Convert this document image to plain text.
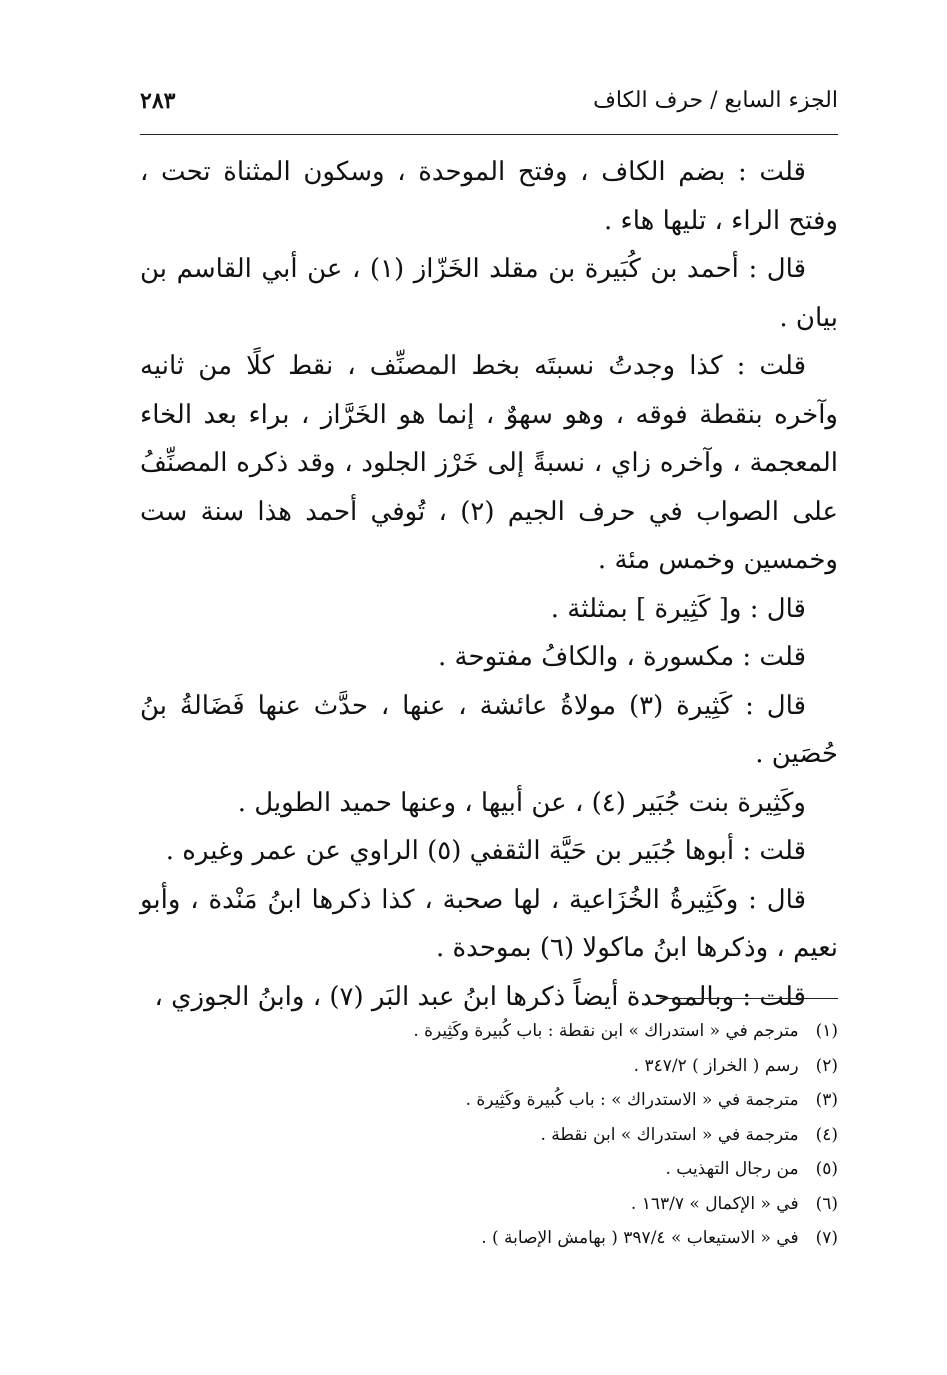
الجزء السابع / حرف الكاف
٢٨٣

قلت : بضم الكاف ، وفتح الموحدة ، وسكون المثناة تحت ، وفتح الراء ، تليها هاء .

قال : أحمد بن كُبَيرة بن مقلد الخَزّاز (١) ، عن أبي القاسم بن بيان .

قلت : كذا وجدتُ نسبتَه بخط المصنِّف ، نقط كلًا من ثانيه وآخره بنقطة فوقه ، وهو سهوٌ ، إنما هو الخَرَّاز ، براء بعد الخاء المعجمة ، وآخره زاي ، نسبةً إلى خَرْز الجلود ، وقد ذكره المصنِّفُ على الصواب في حرف الجيم (٢) ، تُوفي أحمد هذا سنة ست وخمسين وخمس مئة .

قال : و[ كَثِيرة ] بمثلثة .

قلت : مكسورة ، والكافُ مفتوحة .

قال : كَثِيرة (٣) مولاةُ عائشة ، عنها ، حدَّث عنها فَضَالةُ بنُ حُصَين .

وكَثِيرة بنت جُبَير (٤) ، عن أبيها ، وعنها حميد الطويل .

قلت : أبوها جُبَير بن حَيَّة الثقفي (٥) الراوي عن عمر وغيره .

قال : وكَثِيرةُ الخُزَاعية ، لها صحبة ، كذا ذكرها ابنُ مَنْدة ، وأبو نعيم ، وذكرها ابنُ ماكولا (٦) بموحدة .

قلت : وبالموحدة أيضاً ذكرها ابنُ عبد البَر (٧) ، وابنُ الجوزي ،

(١) مترجم في « استدراك » ابن نقطة : باب كُبيرة وكَثِيرة .
(٢) رسم ( الخراز ) ٣٤٧/٢ .
(٣) مترجمة في « الاستدراك » : باب كُبيرة وكَثِيرة .
(٤) مترجمة في « استدراك » ابن نقطة .
(٥) من رجال التهذيب .
(٦) في « الإكمال » ١٦٣/٧ .
(٧) في « الاستيعاب » ٣٩٧/٤ ( بهامش الإصابة ) .
